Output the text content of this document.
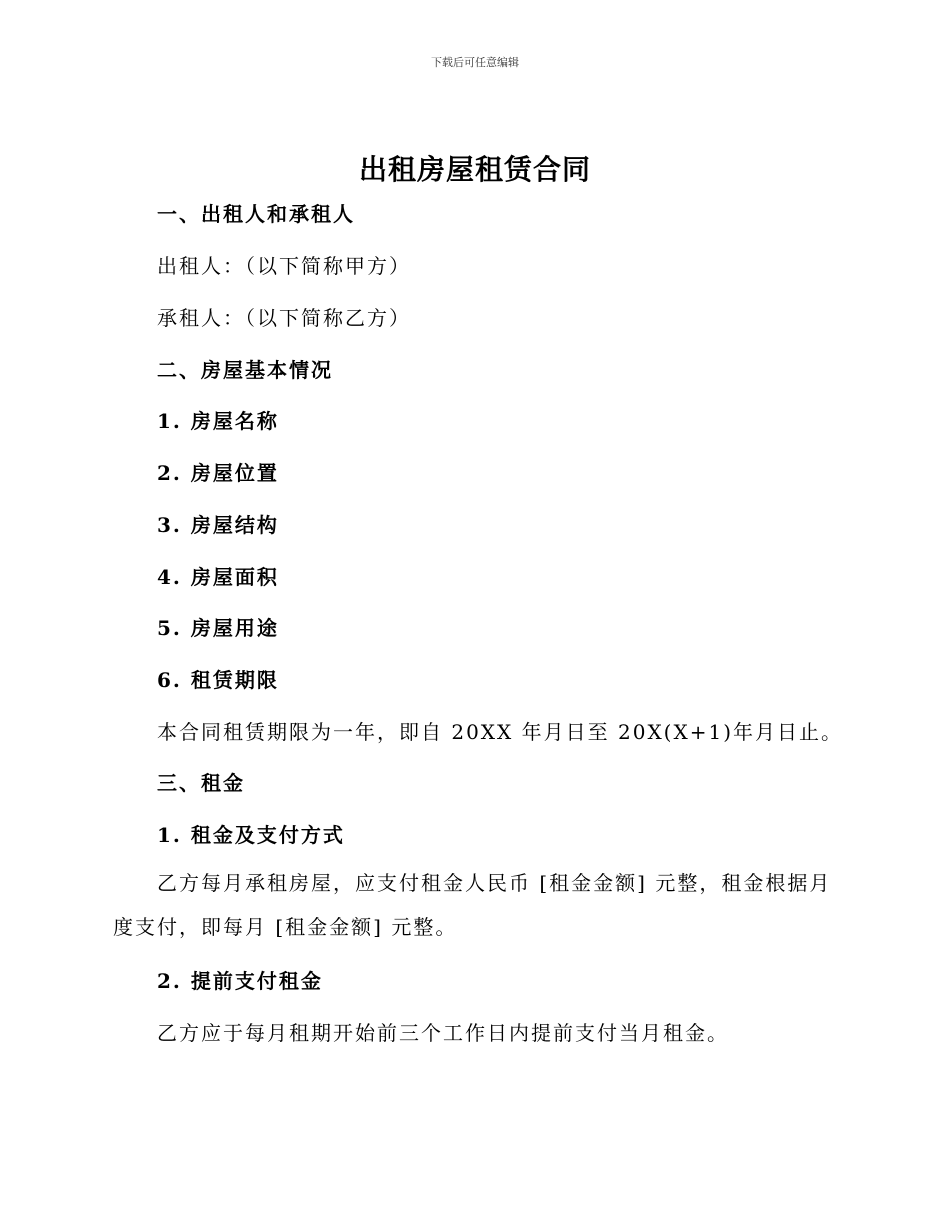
下载后可任意编辑
出租房屋租赁合同
一、出租人和承租人
出租人：（以下简称甲方）
承租人：（以下简称乙方）
二、房屋基本情况
1. 房屋名称
2. 房屋位置
3. 房屋结构
4. 房屋面积
5. 房屋用途
6. 租赁期限
本合同租赁期限为一年，即自 20XX 年月日至 20X(X+1)年月日止。
三、租金
1. 租金及支付方式
乙方每月承租房屋，应支付租金人民币 [租金金额] 元整，租金根据月度支付，即每月 [租金金额] 元整。
2. 提前支付租金
乙方应于每月租期开始前三个工作日内提前支付当月租金。
